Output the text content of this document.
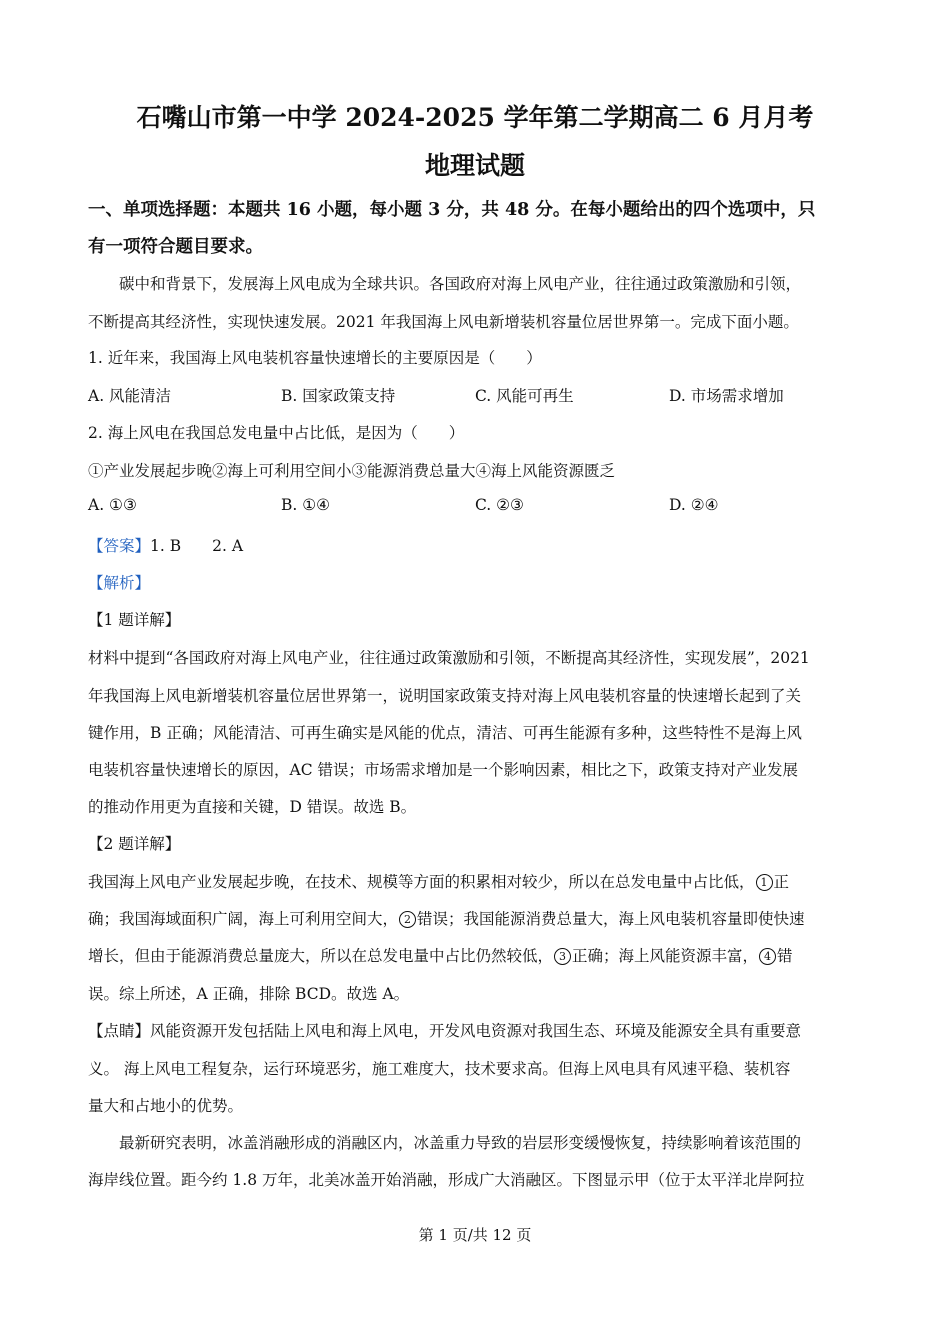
石嘴山市第一中学 2024-2025 学年第二学期高二 6 月月考
地理试题
一、单项选择题：本题共 16 小题，每小题 3 分，共 48 分。在每小题给出的四个选项中，只
有一项符合题目要求。
碳中和背景下，发展海上风电成为全球共识。各国政府对海上风电产业，往往通过政策激励和引领，
不断提高其经济性，实现快速发展。2021 年我国海上风电新增装机容量位居世界第一。完成下面小题。
1. 近年来，我国海上风电装机容量快速增长的主要原因是（　　）
A. 风能清洁	B. 国家政策支持	C. 风能可再生	D. 市场需求增加
2. 海上风电在我国总发电量中占比低，是因为（　　）
①产业发展起步晚②海上可利用空间小③能源消费总量大④海上风能资源匮乏
A. ①③	B. ①④	C. ②③	D. ②④
【答案】1. B　　2. A
【解析】
【1 题详解】
材料中提到“各国政府对海上风电产业，往往通过政策激励和引领，不断提高其经济性，实现发展”，2021
年我国海上风电新增装机容量位居世界第一，说明国家政策支持对海上风电装机容量的快速增长起到了关
键作用，B 正确；风能清洁、可再生确实是风能的优点，清洁、可再生能源有多种，这些特性不是海上风
电装机容量快速增长的原因，AC 错误；市场需求增加是一个影响因素，相比之下，政策支持对产业发展
的推动作用更为直接和关键，D 错误。故选 B。
【2 题详解】
我国海上风电产业发展起步晚，在技术、规模等方面的积累相对较少，所以在总发电量中占比低， 1 正
确；我国海域面积广阔，海上可利用空间大， 2 错误；我国能源消费总量大，海上风电装机容量即使快速
增长，但由于能源消费总量庞大，所以在总发电量中占比仍然较低， 3 正确；海上风能资源丰富， 4 错
误。综上所述，A 正确，排除 BCD。故选 A。
【点睛】风能资源开发包括陆上风电和海上风电，开发风电资源对我国生态、环境及能源安全具有重要意
义。 海上风电工程复杂，运行环境恶劣，施工难度大，技术要求高。但海上风电具有风速平稳、装机容
量大和占地小的优势。
最新研究表明，冰盖消融形成的消融区内，冰盖重力导致的岩层形变缓慢恢复，持续影响着该范围的
海岸线位置。距今约 1.8 万年，北美冰盖开始消融，形成广大消融区。下图显示甲（位于太平洋北岸阿拉
第 1 页/共 12 页
